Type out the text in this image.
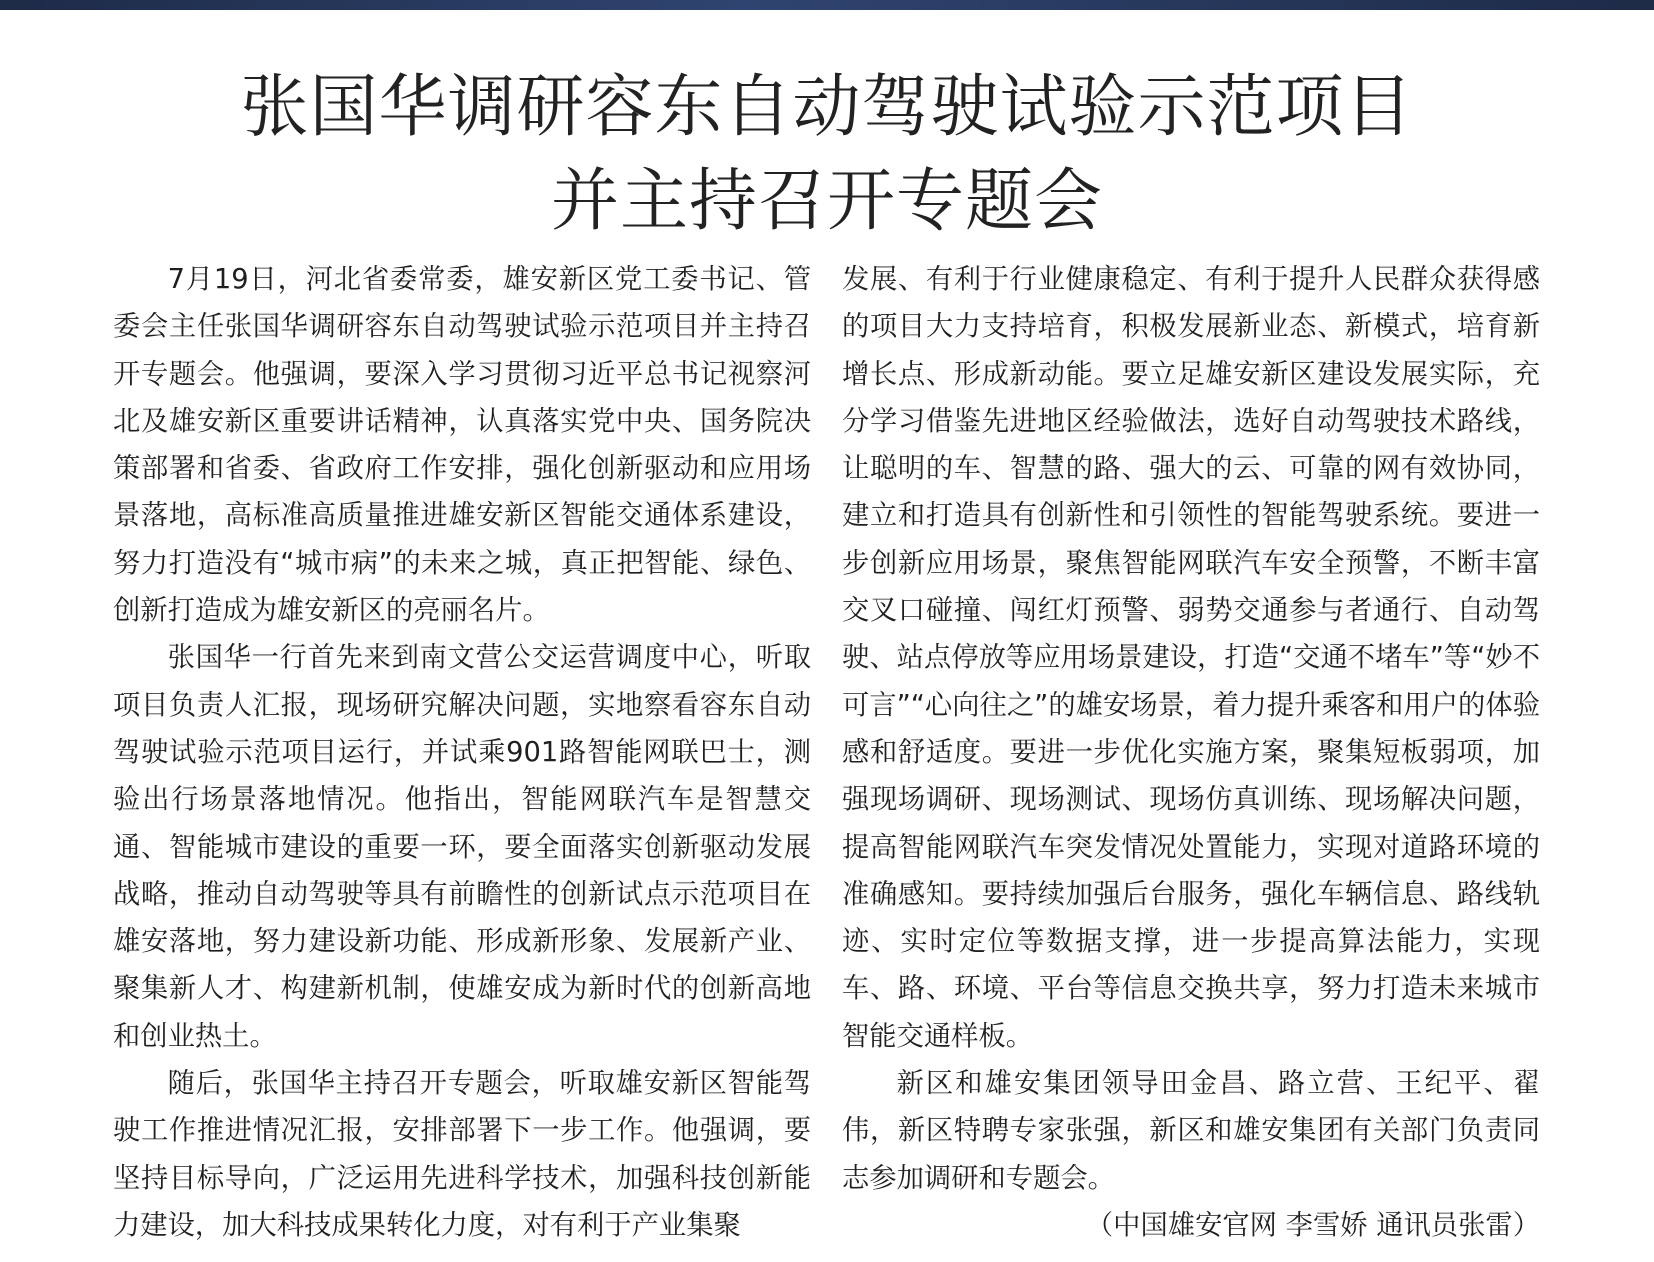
张国华调研容东自动驾驶试验示范项目
并主持召开专题会

7月19日，河北省委常委，雄安新区党工委书记、管委会主任张国华调研容东自动驾驶试验示范项目并主持召开专题会。他强调，要深入学习贯彻习近平总书记视察河北及雄安新区重要讲话精神，认真落实党中央、国务院决策部署和省委、省政府工作安排，强化创新驱动和应用场景落地，高标准高质量推进雄安新区智能交通体系建设，努力打造没有“城市病”的未来之城，真正把智能、绿色、创新打造成为雄安新区的亮丽名片。

张国华一行首先来到南文营公交运营调度中心，听取项目负责人汇报，现场研究解决问题，实地察看容东自动驾驶试验示范项目运行，并试乘901路智能网联巴士，测验出行场景落地情况。他指出，智能网联汽车是智慧交通、智能城市建设的重要一环，要全面落实创新驱动发展战略，推动自动驾驶等具有前瞻性的创新试点示范项目在雄安落地，努力建设新功能、形成新形象、发展新产业、聚集新人才、构建新机制，使雄安成为新时代的创新高地和创业热土。

随后，张国华主持召开专题会，听取雄安新区智能驾驶工作推进情况汇报，安排部署下一步工作。他强调，要坚持目标导向，广泛运用先进科学技术，加强科技创新能力建设，加大科技成果转化力度，对有利于产业集聚

发展、有利于行业健康稳定、有利于提升人民群众获得感的项目大力支持培育，积极发展新业态、新模式，培育新增长点、形成新动能。要立足雄安新区建设发展实际，充分学习借鉴先进地区经验做法，选好自动驾驶技术路线，让聪明的车、智慧的路、强大的云、可靠的网有效协同，建立和打造具有创新性和引领性的智能驾驶系统。要进一步创新应用场景，聚焦智能网联汽车安全预警，不断丰富交叉口碰撞、闯红灯预警、弱势交通参与者通行、自动驾驶、站点停放等应用场景建设，打造“交通不堵车”等“妙不可言”“心向往之”的雄安场景，着力提升乘客和用户的体验感和舒适度。要进一步优化实施方案，聚集短板弱项，加强现场调研、现场测试、现场仿真训练、现场解决问题，提高智能网联汽车突发情况处置能力，实现对道路环境的准确感知。要持续加强后台服务，强化车辆信息、路线轨迹、实时定位等数据支撑，进一步提高算法能力，实现车、路、环境、平台等信息交换共享，努力打造未来城市智能交通样板。

新区和雄安集团领导田金昌、路立营、王纪平、翟伟，新区特聘专家张强，新区和雄安集团有关部门负责同志参加调研和专题会。

（中国雄安官网 李雪娇 通讯员张雷）
